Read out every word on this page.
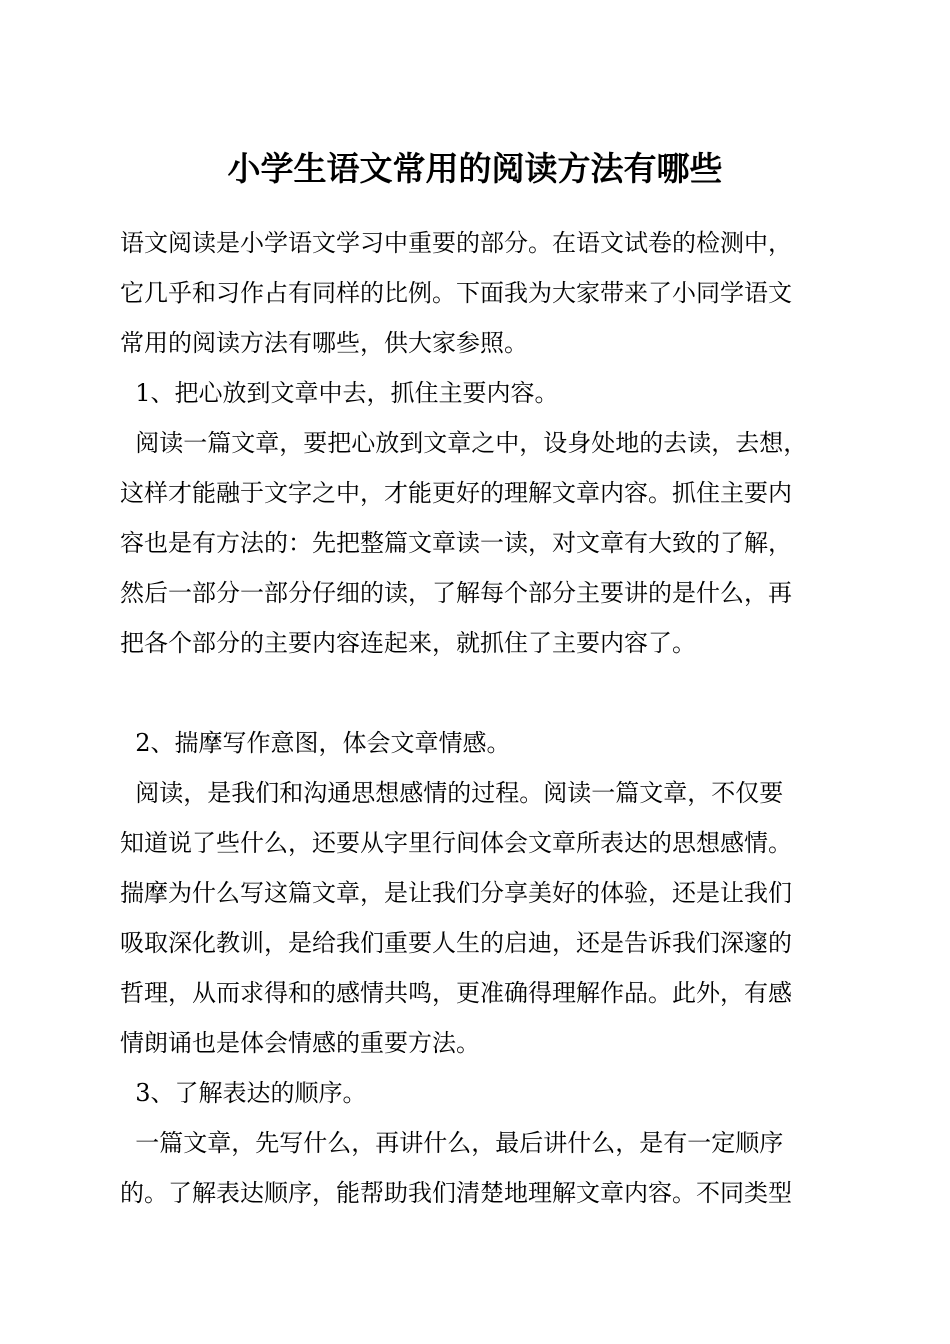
小学生语文常用的阅读方法有哪些
语文阅读是小学语文学习中重要的部分。在语文试卷的检测中，
它几乎和习作占有同样的比例。下面我为大家带来了小同学语文
常用的阅读方法有哪些，供大家参照。
1、把心放到文章中去，抓住主要内容。
阅读一篇文章，要把心放到文章之中，设身处地的去读，去想，
这样才能融于文字之中，才能更好的理解文章内容。抓住主要内
容也是有方法的：先把整篇文章读一读，对文章有大致的了解，
然后一部分一部分仔细的读，了解每个部分主要讲的是什么，再
把各个部分的主要内容连起来，就抓住了主要内容了。
2、揣摩写作意图，体会文章情感。
阅读，是我们和沟通思想感情的过程。阅读一篇文章，不仅要
知道说了些什么，还要从字里行间体会文章所表达的思想感情。
揣摩为什么写这篇文章，是让我们分享美好的体验，还是让我们
吸取深化教训，是给我们重要人生的启迪，还是告诉我们深邃的
哲理，从而求得和的感情共鸣，更准确得理解作品。此外，有感
情朗诵也是体会情感的重要方法。
3、了解表达的顺序。
一篇文章，先写什么，再讲什么，最后讲什么，是有一定顺序
的。了解表达顺序，能帮助我们清楚地理解文章内容。不同类型
